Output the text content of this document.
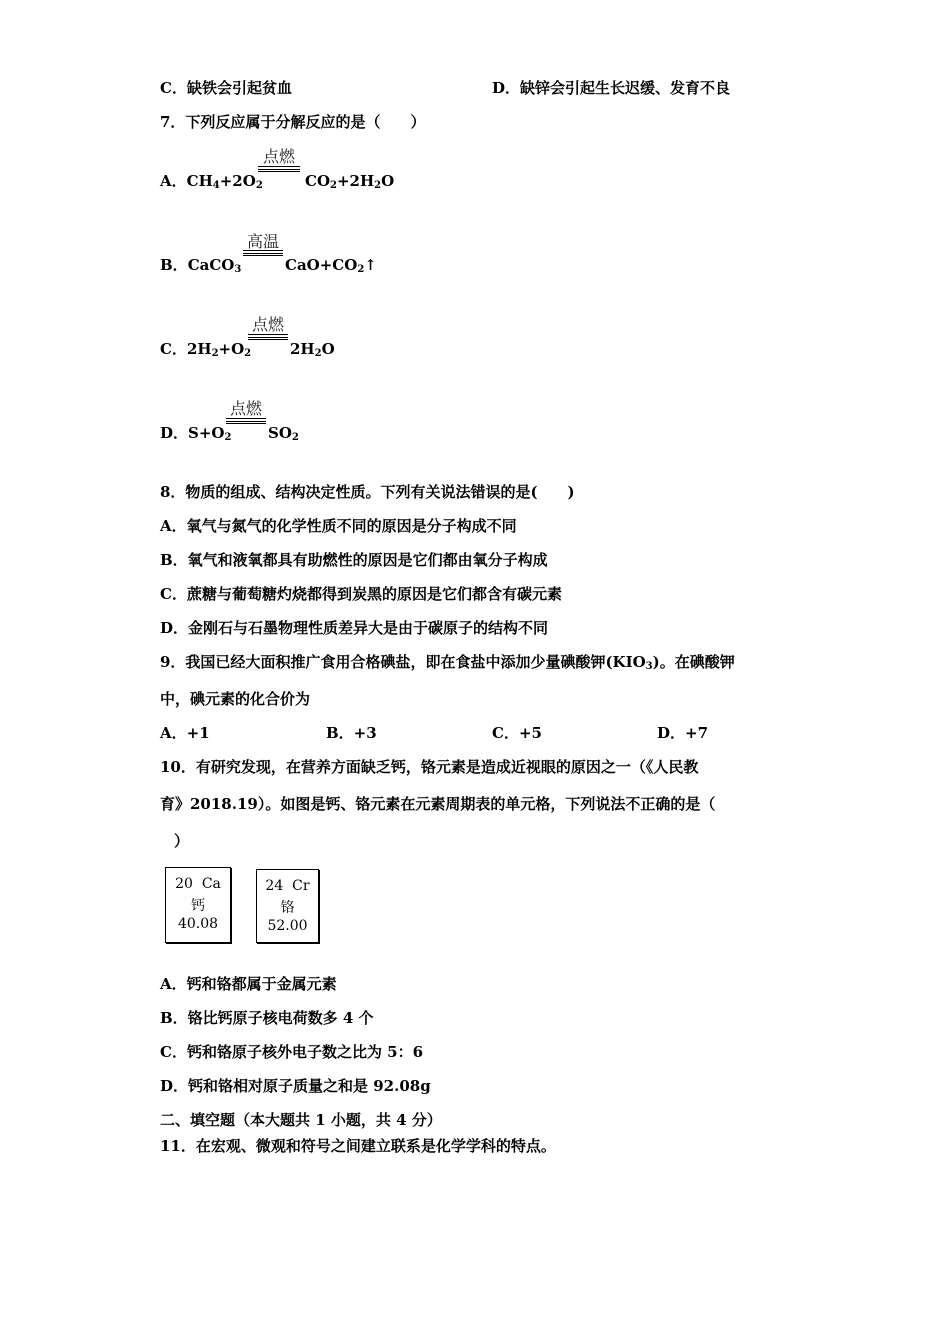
C．缺铁会引起贫血	D．缺锌会引起生长迟缓、发育不良
7．下列反应属于分解反应的是（　　）
A．$CH_4+2O_2$
点燃
$CO_2+2H_2O$
B．CaCO$_3$
高温
$CaO+CO_2↑$
C．$2H_2+O_2$
点燃
$2H_2O$
D．$S+O_2$
点燃
$SO_2$
8．物质的组成、结构决定性质。下列有关说法错误的是(　　)
A．氧气与氮气的化学性质不同的原因是分子构成不同
B．氧气和液氧都具有助燃性的原因是它们都由氧分子构成
C．蔗糖与葡萄糖灼烧都得到炭黑的原因是它们都含有碳元素
D．金刚石与石墨物理性质差异大是由于碳原子的结构不同
9．我国已经大面积推广食用合格碘盐，即在食盐中添加少量碘酸钾$(KIO_3)$。在碘酸钾
中，碘元素的化合价为
A．+1	B．+3	C．+5	D．+7
10．有研究发现，在营养方面缺乏钙，铬元素是造成近视眼的原因之一（《人民教
育》2018.19）。如图是钙、铬元素在元素周期表的单元格，下列说法不正确的是（
）
20 Ca
钙
40.08
24 Cr
铬
52.00
A．钙和铬都属于金属元素
B．铬比钙原子核电荷数多 4 个
C．钙和铬原子核外电子数之比为 5：6
D．钙和铬相对原子质量之和是 92.08g
二、填空题（本大题共 1 小题，共 4 分）
11．在宏观、微观和符号之间建立联系是化学学科的特点。
